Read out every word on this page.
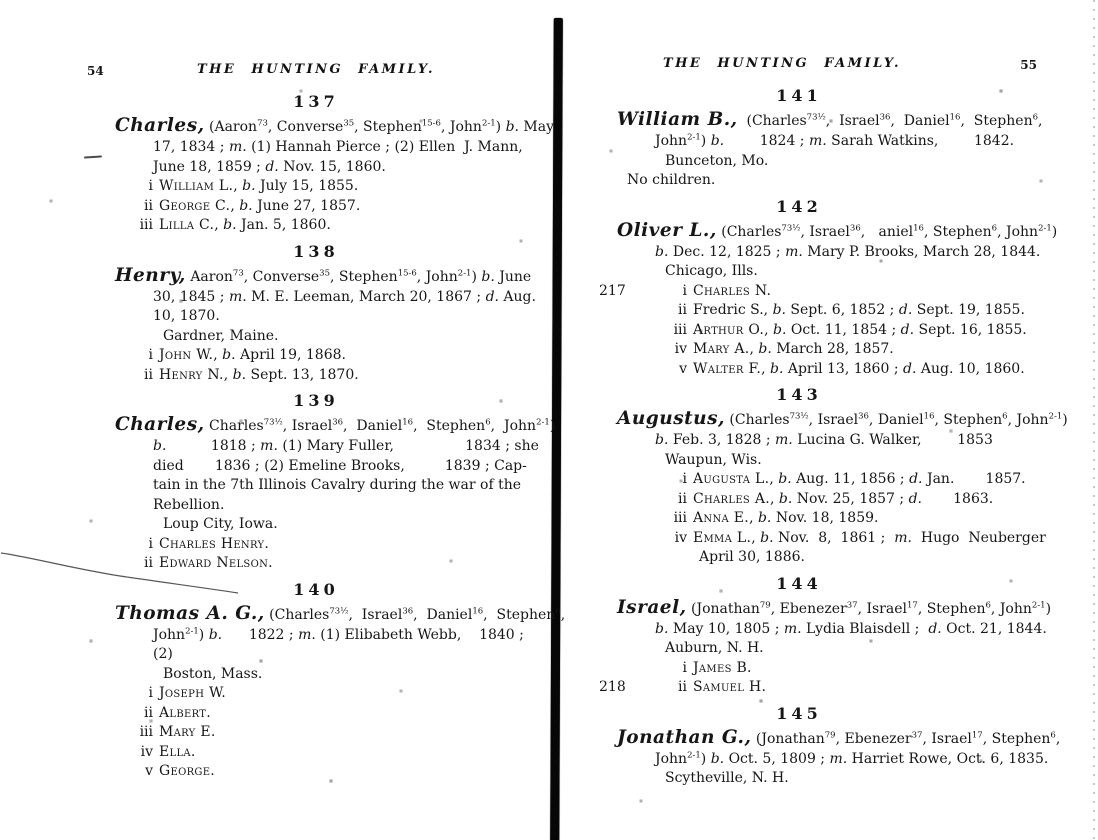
54	THE HUNTING FAMILY.
137
Charles, (Aaron$^{73}$, Converse$^{35}$, Stephen$^{15-6}$, John$^{2-1}$) b. May
17, 1834 ; m. (1) Hannah Pierce ; (2) Ellen  J. Mann,
June 18, 1859 ; d. Nov. 15, 1860.
i William L., b. July 15, 1855.
ii George C., b. June 27, 1857.
iii Lilla C., b. Jan. 5, 1860.
138
Henry, Aaron$^{73}$, Converse$^{35}$, Stephen$^{15-6}$, John$^{2-1}$) b. June
30, 1845 ; m. M. E. Leeman, March 20, 1867 ; d. Aug.
10, 1870.
Gardner, Maine.
i John W., b. April 19, 1868.
ii Henry N., b. Sept. 13, 1870.
139
Charles, Charles$^{73\frac{1}{2}}$, Israel$^{36}$,  Daniel$^{16}$,  Stephen$^6$,  John$^{2-1}$)
b.          1818 ; m. (1) Mary Fuller,                1834 ; she
died       1836 ; (2) Emeline Brooks,         1839 ; Cap-
tain in the 7th Illinois Cavalry during the war of the
Rebellion.
Loup City, Iowa.
i Charles Henry.
ii Edward Nelson.
140
Thomas A. G., (Charles$^{73\frac{1}{2}}$,  Israel$^{36}$,  Daniel$^{16}$,  Stephen$^6$,
John$^{2-1}$) b.      1822 ; m. (1) Elibabeth Webb,    1840 ;
(2)
Boston, Mass.
i Joseph W.
ii Albert.
iii Mary E.
iv Ella.
v George.
THE HUNTING FAMILY.	55
141
William B.,  (Charles$^{73\frac{1}{2}}$,  Israel$^{36}$,  Daniel$^{16}$,  Stephen$^6$,
John$^{2-1}$) b.        1824 ; m. Sarah Watkins,        1842.
Bunceton, Mo.
No children.
142
Oliver L., (Charles$^{73\frac{1}{2}}$, Israel$^{36}$,   aniel$^{16}$, Stephen$^6$, John$^{2-1}$)
b. Dec. 12, 1825 ; m. Mary P. Brooks, March 28, 1844.
Chicago, Ills.
217	i Charles N.
ii Fredric S., b. Sept. 6, 1852 ; d. Sept. 19, 1855.
iii Arthur O., b. Oct. 11, 1854 ; d. Sept. 16, 1855.
iv Mary A., b. March 28, 1857.
v Walter F., b. April 13, 1860 ; d. Aug. 10, 1860.
143
Augustus, (Charles$^{73\frac{1}{2}}$, Israel$^{36}$, Daniel$^{16}$, Stephen$^6$, John$^{2-1}$)
b. Feb. 3, 1828 ; m. Lucina G. Walker,        1853
Waupun, Wis.
i Augusta L., b. Aug. 11, 1856 ; d. Jan.       1857.
ii Charles A., b. Nov. 25, 1857 ; d.       1863.
iii Anna E., b. Nov. 18, 1859.
iv Emma L., b. Nov.  8,  1861 ;  m.  Hugo  Neuberger
April 30, 1886.
144
Israel, (Jonathan$^{79}$, Ebenezer$^{37}$, Israel$^{17}$, Stephen$^6$, John$^{2-1}$)
b. May 10, 1805 ; m. Lydia Blaisdell ;  d. Oct. 21, 1844.
Auburn, N. H.
i James B.
218	ii Samuel H.
145
Jonathan G., (Jonathan$^{79}$, Ebenezer$^{37}$, Israel$^{17}$, Stephen$^6$,
John$^{2-1}$) b. Oct. 5, 1809 ; m. Harriet Rowe, Oct. 6, 1835.
Scytheville, N. H.
